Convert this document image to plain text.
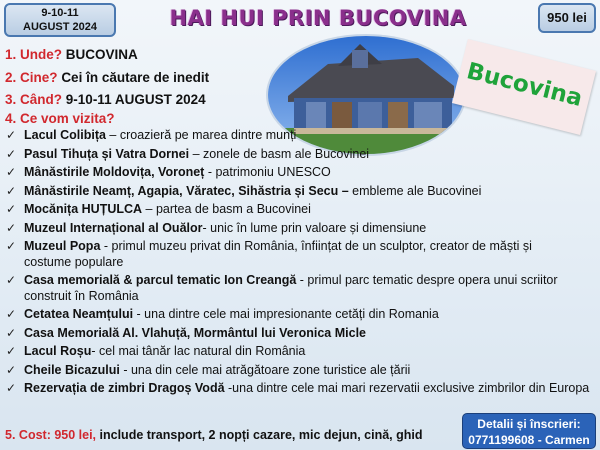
9-10-11
AUGUST 2024	HAI HUI PRIN BUCOVINA	950 lei
Bucovina
1. Unde? BUCOVINA
2. Cine? Cei în căutare de inedit
3. Când? 9-10-11 AUGUST 2024
4. Ce vom vizita?
✓ Lacul Colibița – croazieră pe marea dintre munți
✓ Pasul Tihuța și Vatra Dornei – zonele de basm ale Bucovinei
✓ Mânăstirile Moldovița, Voroneț - patrimoniu UNESCO
✓ Mânăstirile Neamț, Agapia, Văratec, Sihăstria și Secu – embleme ale Bucovinei
✓ Mocănița HUȚULCA – partea de basm a Bucovinei
✓ Muzeul Internațional al Ouălor- unic în lume prin valoare și dimensiune
✓ Muzeul Popa - primul muzeu privat din România, înființat de un sculptor, creator de măști și costume populare
✓ Casa memorială & parcul tematic Ion Creangă - primul parc tematic despre opera unui scriitor construit în România
✓ Cetatea Neamțului - una dintre cele mai impresionante cetăți din Romania
✓ Casa Memorială Al. Vlahuță, Mormântul lui Veronica Micle
✓ Lacul Roșu- cel mai tânăr lac natural din România
✓ Cheile Bicazului - una din cele mai atrăgătoare zone turistice ale țării
✓ Rezervația de zimbri Dragoș Vodă -una dintre cele mai mari rezervatii exclusive zimbrilor din Europa
5. Cost: 950 lei, include transport, 2 nopți cazare, mic dejun, cină, ghid
Detalii și înscrieri:
0771199608 - Carmen
